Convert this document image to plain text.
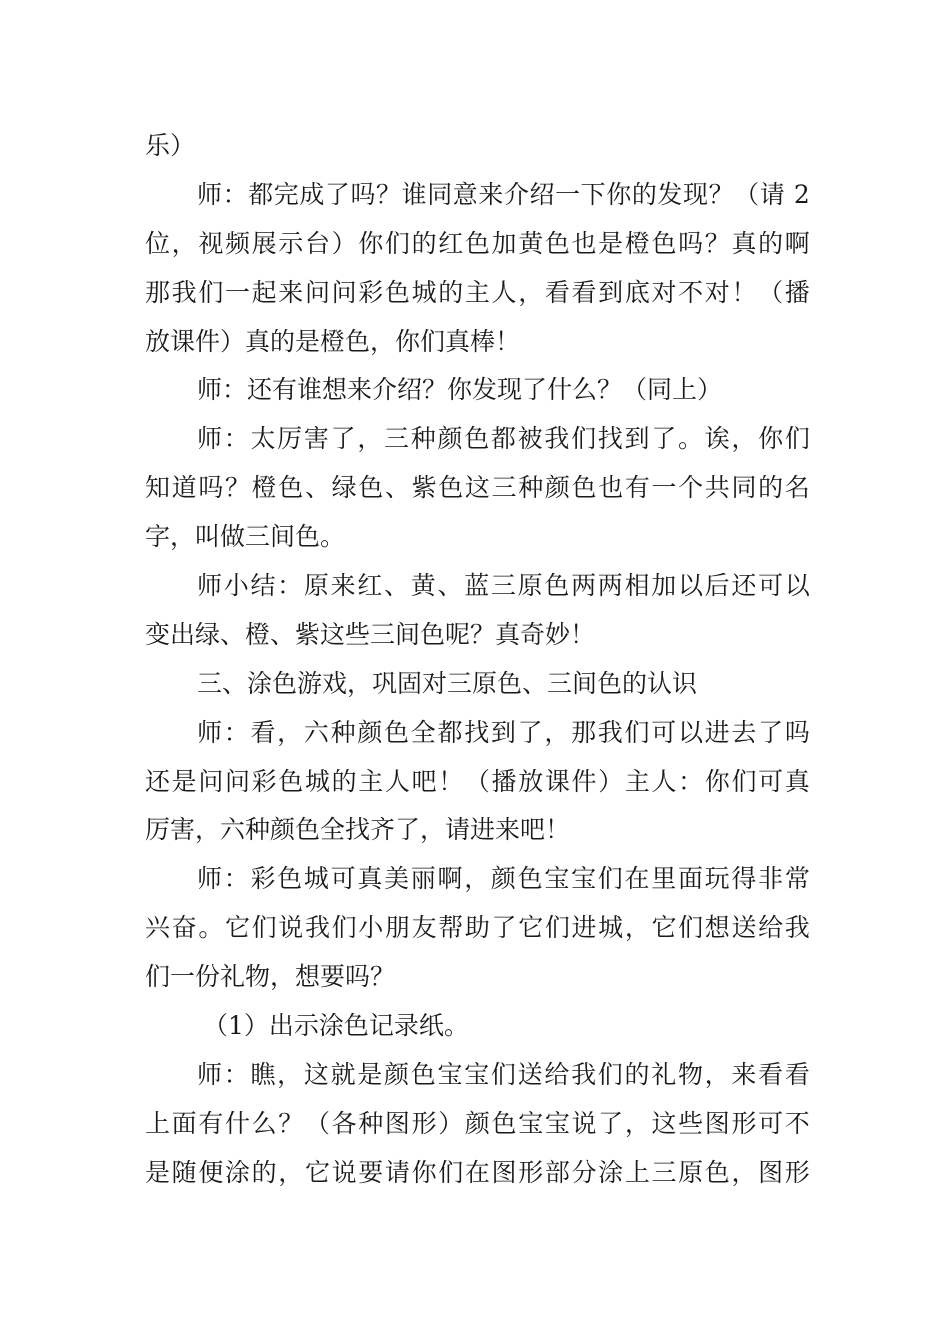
乐）
师 ： 都 完 成 了 吗 ？ 谁 同 意 来 介 绍 一 下 你 的 发 现 ？ （ 请
2
位 ， 视 频 展 示 台 ） 你 们 的 红 色 加 黄 色 也 是 橙 色 吗 ？ 真 的 啊
那 我 们 一 起 来 问 问 彩 色 城 的 主 人 ， 看 看 到 底 对 不 对 ！ （ 播
放课件）真的是橙色，你们真棒！
师：还有谁想来介绍？你发现了什么？（同上）
师 ： 太 厉 害 了 ， 三 种 颜 色 都 被 我 们 找 到 了 。 诶 ， 你 们
知 道 吗 ？ 橙 色 、 绿 色 、 紫 色 这 三 种 颜 色 也 有 一 个 共 同 的 名
字，叫做三间色。
师 小 结 ： 原 来 红 、 黄 、 蓝 三 原 色 两 两 相 加 以 后 还 可 以
变出绿、橙、紫这些三间色呢？真奇妙！
三、涂色游戏，巩固对三原色、三间色的认识
师 ： 看 ， 六 种 颜 色 全 都 找 到 了 ， 那 我 们 可 以 进 去 了 吗
还 是 问 问 彩 色 城 的 主 人 吧 ！ （ 播 放 课 件 ） 主 人 ： 你 们 可 真
厉害，六种颜色全找齐了，请进来吧！
师 ： 彩 色 城 可 真 美 丽 啊 ， 颜 色 宝 宝 们 在 里 面 玩 得 非 常
兴 奋 。 它 们 说 我 们 小 朋 友 帮 助 了 它 们 进 城 ， 它 们 想 送 给 我
们一份礼物，想要吗？
（1）出示涂色记录纸。
师 ： 瞧 ， 这 就 是 颜 色 宝 宝 们 送 给 我 们 的 礼 物 ， 来 看 看
上 面 有 什 么 ？ （ 各 种 图 形 ） 颜 色 宝 宝 说 了 ， 这 些 图 形 可 不
是 随 便 涂 的 ， 它 说 要 请 你 们 在 图 形 部 分 涂 上 三 原 色 ， 图 形
